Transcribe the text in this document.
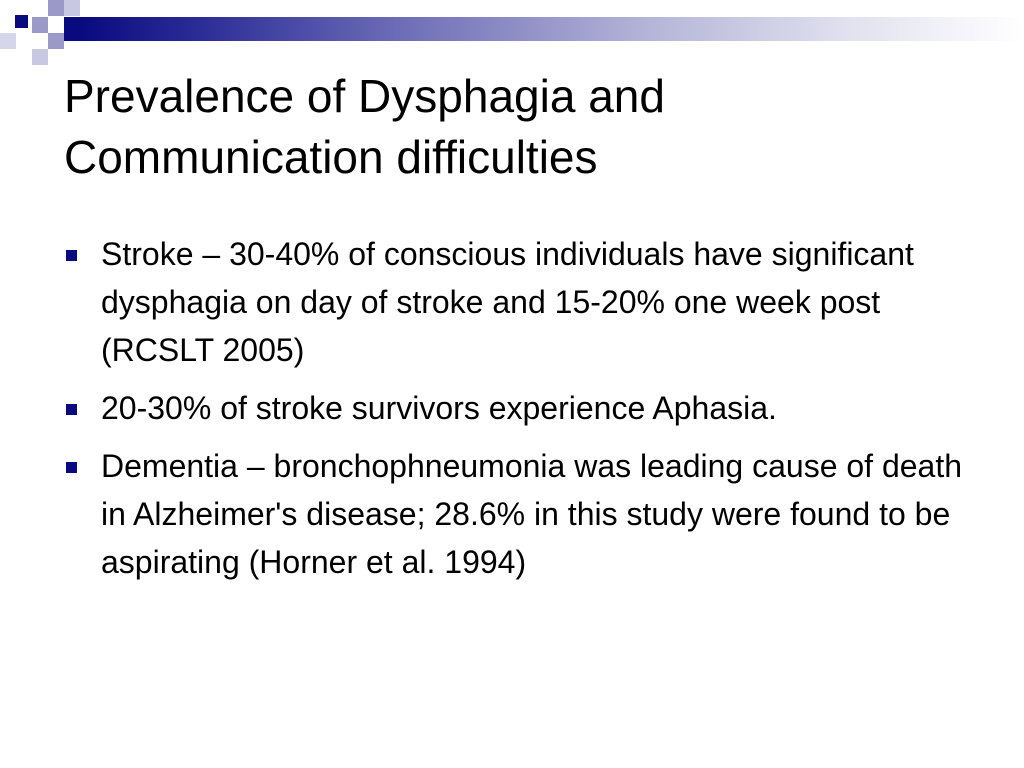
Prevalence of Dysphagia and
Communication difficulties
Stroke – 30-40% of conscious individuals have significant dysphagia on day of stroke and 15-20% one week post (RCSLT 2005)
20-30% of stroke survivors experience Aphasia.
Dementia – bronchophneumonia was leading cause of death in Alzheimer's disease; 28.6% in this study were found to be aspirating (Horner et al. 1994)
